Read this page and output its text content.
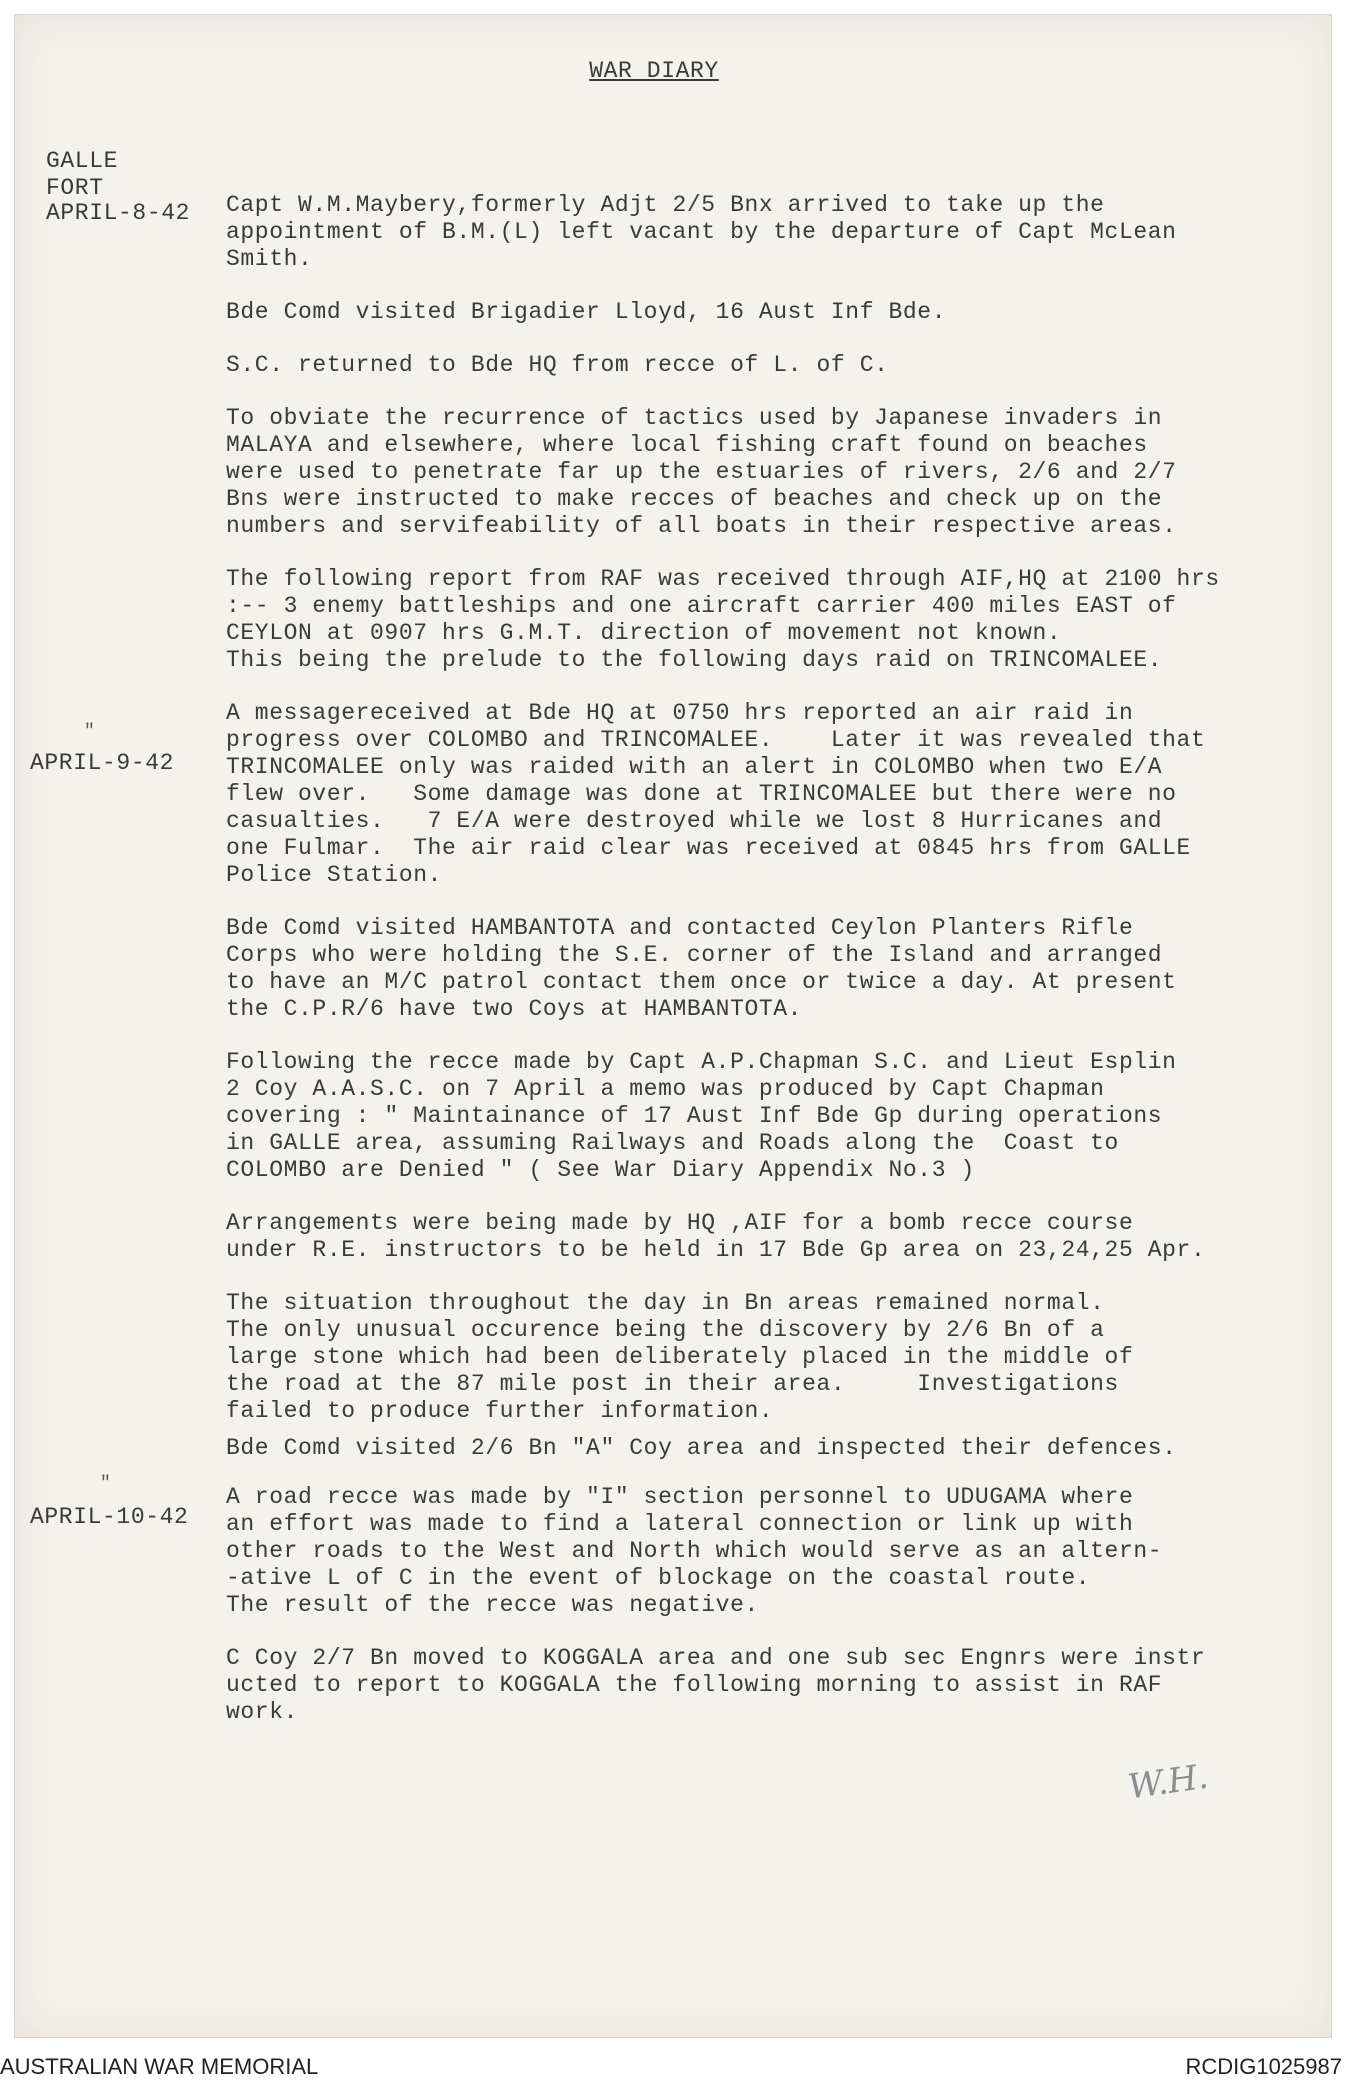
WAR DIARY
GALLE
FORT
APRIL-8-42
"
APRIL-9-42
"
APRIL-10-42

Capt W.M.Maybery,formerly Adjt 2/5 Bnx arrived to take up the
appointment of B.M.(L) left vacant by the departure of Capt McLean
Smith.

Bde Comd visited Brigadier Lloyd, 16 Aust Inf Bde.

S.C. returned to Bde HQ from recce of L. of C.

To obviate the recurrence of tactics used by Japanese invaders in
MALAYA and elsewhere, where local fishing craft found on beaches
were used to penetrate far up the estuaries of rivers, 2/6 and 2/7
Bns were instructed to make recces of beaches and check up on the
numbers and servifeability of all boats in their respective areas.

The following report from RAF was received through AIF,HQ at 2100 hrs
:-- 3 enemy battleships and one aircraft carrier 400 miles EAST of
CEYLON at 0907 hrs G.M.T. direction of movement not known.
This being the prelude to the following days raid on TRINCOMALEE.

A messagereceived at Bde HQ at 0750 hrs reported an air raid in
progress over COLOMBO and TRINCOMALEE.    Later it was revealed that
TRINCOMALEE only was raided with an alert in COLOMBO when two E/A
flew over.   Some damage was done at TRINCOMALEE but there were no
casualties.   7 E/A were destroyed while we lost 8 Hurricanes and
one Fulmar.  The air raid clear was received at 0845 hrs from GALLE
Police Station.

Bde Comd visited HAMBANTOTA and contacted Ceylon Planters Rifle
Corps who were holding the S.E. corner of the Island and arranged
to have an M/C patrol contact them once or twice a day. At present
the C.P.R/6 have two Coys at HAMBANTOTA.

Following the recce made by Capt A.P.Chapman S.C. and Lieut Esplin
2 Coy A.A.S.C. on 7 April a memo was produced by Capt Chapman
covering : " Maintainance of 17 Aust Inf Bde Gp during operations
in GALLE area, assuming Railways and Roads along the  Coast to
COLOMBO are Denied " ( See War Diary Appendix No.3 )

Arrangements were being made by HQ ,AIF for a bomb recce course
under R.E. instructors to be held in 17 Bde Gp area on 23,24,25 Apr.

The situation throughout the day in Bn areas remained normal.
The only unusual occurence being the discovery by 2/6 Bn of a
large stone which had been deliberately placed in the middle of
the road at the 87 mile post in their area.     Investigations
failed to produce further information.

Bde Comd visited 2/6 Bn "A" Coy area and inspected their defences.

A road recce was made by "I" section personnel to UDUGAMA where
an effort was made to find a lateral connection or link up with
other roads to the West and North which would serve as an altern-
-ative L of C in the event of blockage on the coastal route.
The result of the recce was negative.

C Coy 2/7 Bn moved to KOGGALA area and one sub sec Engnrs were instr
ucted to report to KOGGALA the following morning to assist in RAF
work.

W.H.
AUSTRALIAN WAR MEMORIAL	RCDIG1025987
